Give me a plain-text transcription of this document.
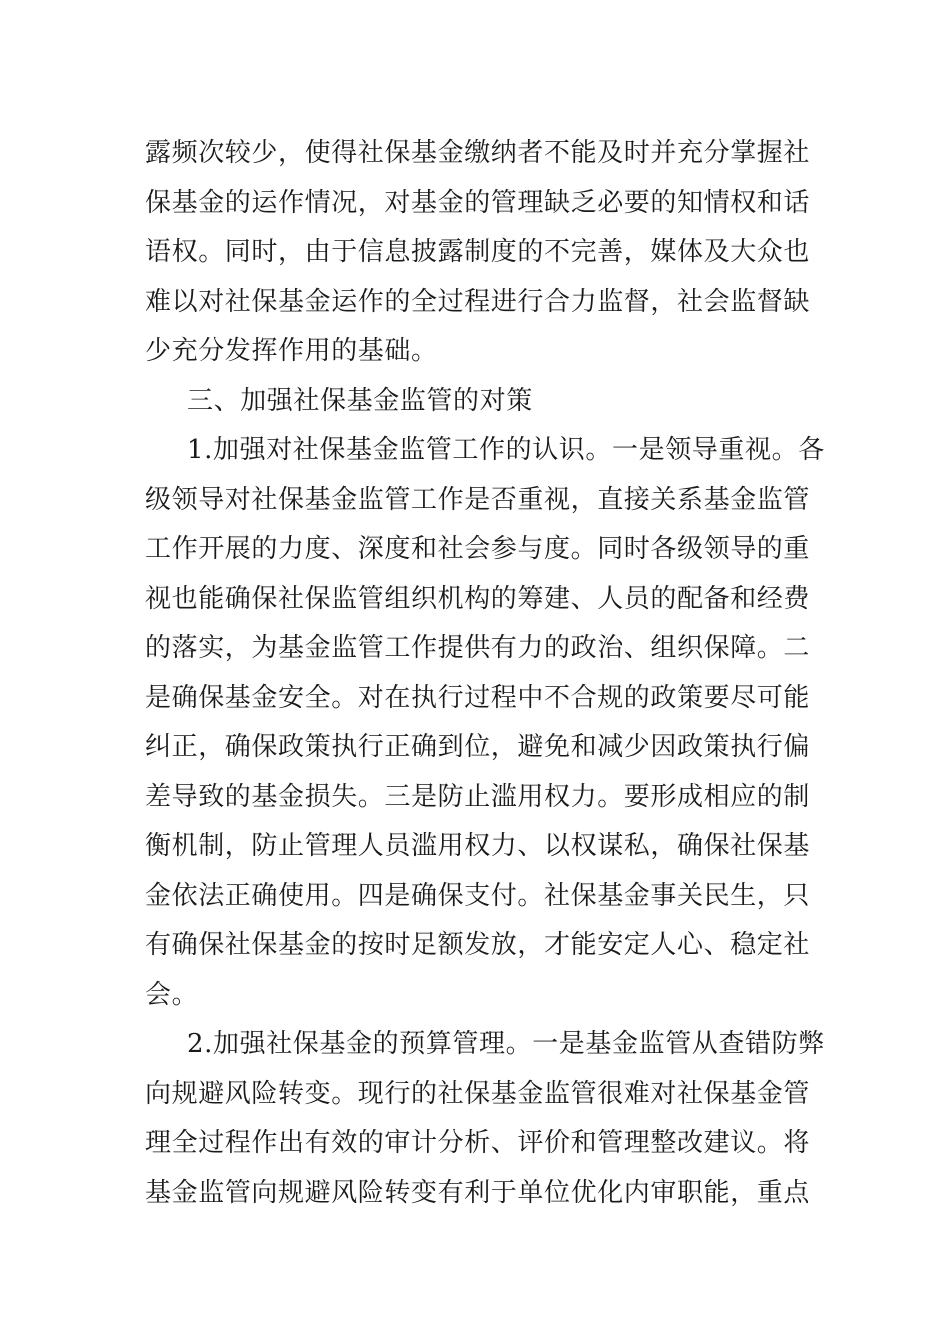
露频次较少，使得社保基金缴纳者不能及时并充分掌握社
保基金的运作情况，对基金的管理缺乏必要的知情权和话
语权。同时，由于信息披露制度的不完善，媒体及大众也
难以对社保基金运作的全过程进行合力监督，社会监督缺
少充分发挥作用的基础。
三、加强社保基金监管的对策
1.加强对社保基金监管工作的认识。一是领导重视。各
级领导对社保基金监管工作是否重视，直接关系基金监管
工作开展的力度、深度和社会参与度。同时各级领导的重
视也能确保社保监管组织机构的筹建、人员的配备和经费
的落实，为基金监管工作提供有力的政治、组织保障。二
是确保基金安全。对在执行过程中不合规的政策要尽可能
纠正，确保政策执行正确到位，避免和减少因政策执行偏
差导致的基金损失。三是防止滥用权力。要形成相应的制
衡机制，防止管理人员滥用权力、以权谋私，确保社保基
金依法正确使用。四是确保支付。社保基金事关民生，只
有确保社保基金的按时足额发放，才能安定人心、稳定社
会。
2.加强社保基金的预算管理。一是基金监管从查错防弊
向规避风险转变。现行的社保基金监管很难对社保基金管
理全过程作出有效的审计分析、评价和管理整改建议。将
基金监管向规避风险转变有利于单位优化内审职能，重点
